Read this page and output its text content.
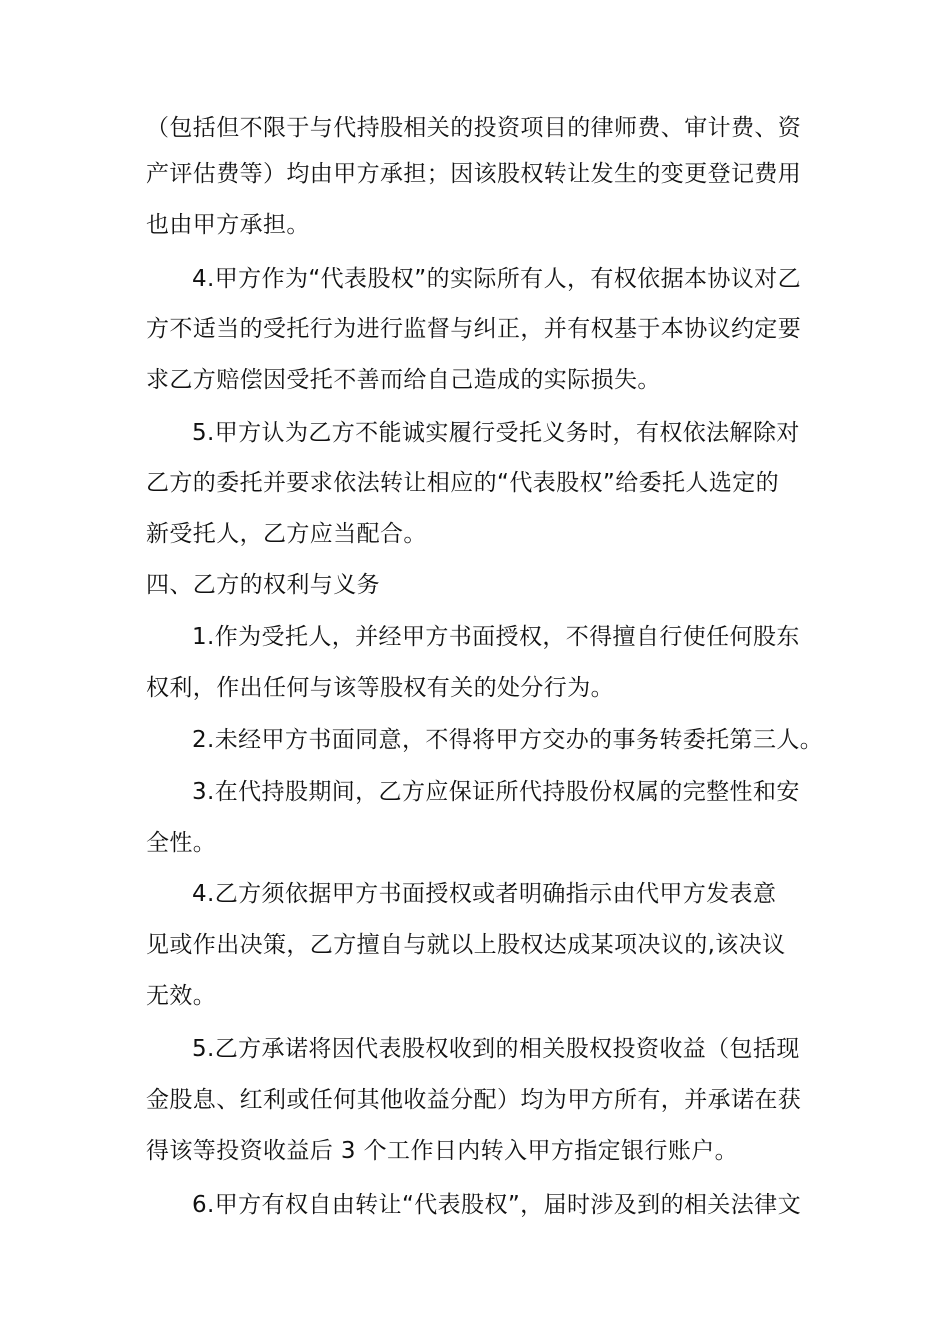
（包括但不限于与代持股相关的投资项目的律师费、审计费、资
产评估费等）均由甲方承担；因该股权转让发生的变更登记费用
也由甲方承担。
4.甲方作为“代表股权”的实际所有人，有权依据本协议对乙
方不适当的受托行为进行监督与纠正，并有权基于本协议约定要
求乙方赔偿因受托不善而给自己造成的实际损失。
5.甲方认为乙方不能诚实履行受托义务时，有权依法解除对
乙方的委托并要求依法转让相应的“代表股权”给委托人选定的
新受托人，乙方应当配合。
四、乙方的权利与义务
1.作为受托人，并经甲方书面授权，不得擅自行使任何股东
权利，作出任何与该等股权有关的处分行为。
2.未经甲方书面同意，不得将甲方交办的事务转委托第三人。
3.在代持股期间，乙方应保证所代持股份权属的完整性和安
全性。
4.乙方须依据甲方书面授权或者明确指示由代甲方发表意
见或作出决策，乙方擅自与就以上股权达成某项决议的,该决议
无效。
5.乙方承诺将因代表股权收到的相关股权投资收益（包括现
金股息、红利或任何其他收益分配）均为甲方所有，并承诺在获
得该等投资收益后 3 个工作日内转入甲方指定银行账户。
6.甲方有权自由转让“代表股权”，届时涉及到的相关法律文
